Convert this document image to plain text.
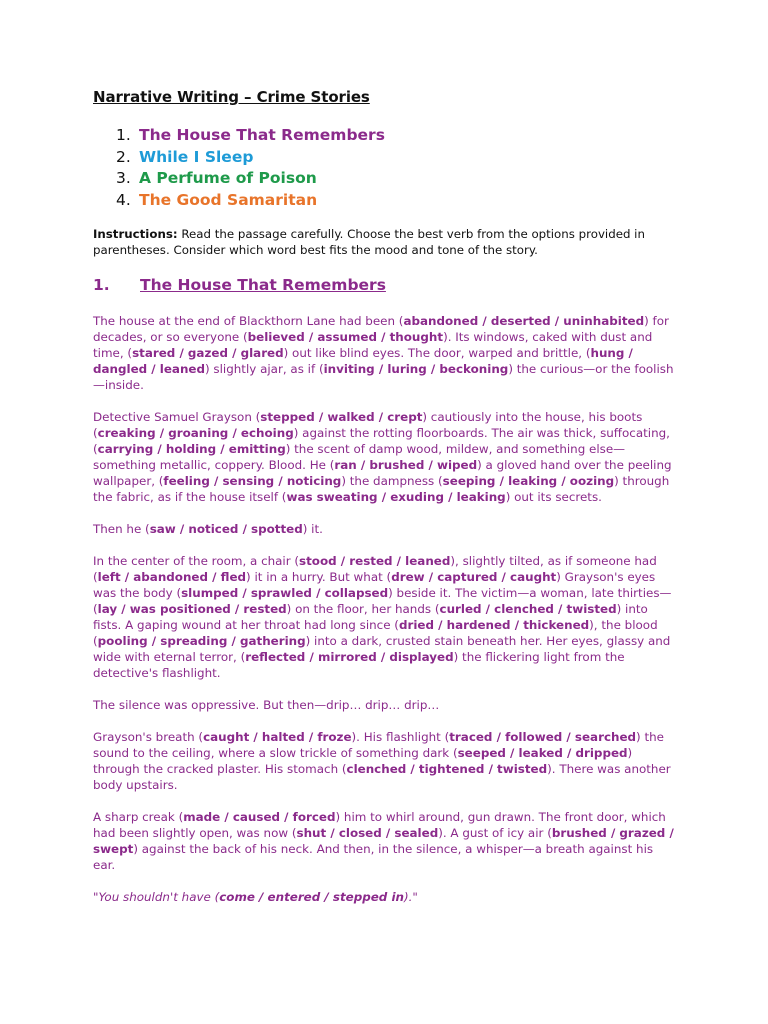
Narrative Writing – Crime Stories
1. The House That Remembers
2. While I Sleep
3. A Perfume of Poison
4. The Good Samaritan

Instructions: Read the passage carefully. Choose the best verb from the options provided in parentheses. Consider which word best fits the mood and tone of the story.

1. The House That Remembers

The house at the end of Blackthorn Lane had been (abandoned / deserted / uninhabited) for decades, or so everyone (believed / assumed / thought). Its windows, caked with dust and time, (stared / gazed / glared) out like blind eyes. The door, warped and brittle, (hung / dangled / leaned) slightly ajar, as if (inviting / luring / beckoning) the curious—or the foolish—inside.

Detective Samuel Grayson (stepped / walked / crept) cautiously into the house, his boots (creaking / groaning / echoing) against the rotting floorboards. The air was thick, suffocating, (carrying / holding / emitting) the scent of damp wood, mildew, and something else—something metallic, coppery. Blood. He (ran / brushed / wiped) a gloved hand over the peeling wallpaper, (feeling / sensing / noticing) the dampness (seeping / leaking / oozing) through the fabric, as if the house itself (was sweating / exuding / leaking) out its secrets.

Then he (saw / noticed / spotted) it.

In the center of the room, a chair (stood / rested / leaned), slightly tilted, as if someone had (left / abandoned / fled) it in a hurry. But what (drew / captured / caught) Grayson's eyes was the body (slumped / sprawled / collapsed) beside it. The victim—a woman, late thirties—(lay / was positioned / rested) on the floor, her hands (curled / clenched / twisted) into fists. A gaping wound at her throat had long since (dried / hardened / thickened), the blood (pooling / spreading / gathering) into a dark, crusted stain beneath her. Her eyes, glassy and wide with eternal terror, (reflected / mirrored / displayed) the flickering light from the detective's flashlight.

The silence was oppressive. But then—drip… drip… drip…

Grayson's breath (caught / halted / froze). His flashlight (traced / followed / searched) the sound to the ceiling, where a slow trickle of something dark (seeped / leaked / dripped) through the cracked plaster. His stomach (clenched / tightened / twisted). There was another body upstairs.

A sharp creak (made / caused / forced) him to whirl around, gun drawn. The front door, which had been slightly open, was now (shut / closed / sealed). A gust of icy air (brushed / grazed / swept) against the back of his neck. And then, in the silence, a whisper—a breath against his ear.

"You shouldn't have (come / entered / stepped in)."
